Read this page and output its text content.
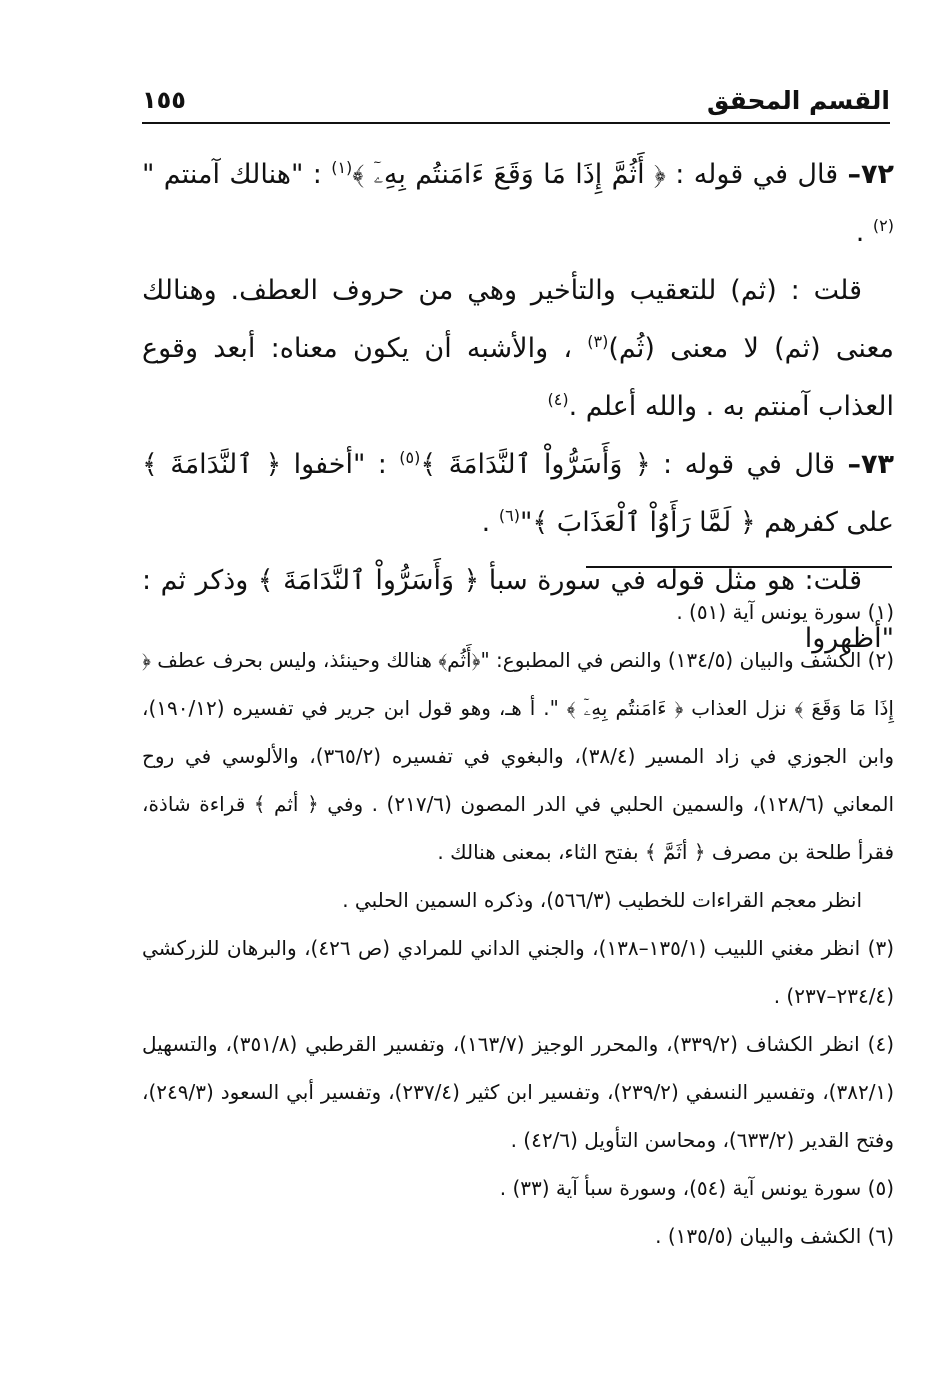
القسم المحقق
١٥٥

٧٢– قال في قوله : ﴿ أَثُمَّ إِذَا مَا وَقَعَ ءَامَنتُم بِهِۦٓ ﴾$^{(١)}$ : "هنالك آمنتم "$^{(٢)}$ .

قلت : (ثم) للتعقيب والتأخير وهي من حروف العطف. وهنالك معنى (ثم) لا معنى (ثُم)$^{(٣)}$ ، والأشبه أن يكون معناه: أبعد وقوع العذاب آمنتم به . والله أعلم .$^{(٤)}$

٧٣– قال في قوله : ﴿ وَأَسَرُّواْ ٱلنَّدَامَةَ ﴾$^{(٥)}$ : "أخفوا ﴿ ٱلنَّدَامَةَ ﴾ على كفرهم ﴿ لَمَّا رَأَوُاْ ٱلْعَذَابَ ﴾"$^{(٦)}$ .

قلت: هو مثل قوله في سورة سبأ ﴿ وَأَسَرُّواْ ٱلنَّدَامَةَ ﴾ وذكر ثم : "أظهروا

(١) سورة يونس آية (٥١) .

(٢) الكشف والبيان (١٣٤/٥) والنص في المطبوع: "﴿أَثُم﴾ هنالك وحينئذ، وليس بحرف عطف ﴿ إِذَا مَا وَقَعَ ﴾ نزل العذاب ﴿ ءَامَنتُم بِهِۦٓ ﴾ ". أ هـ، وهو قول ابن جرير في تفسيره (١٩٠/١٢)، وابن الجوزي في زاد المسير (٣٨/٤)، والبغوي في تفسيره (٣٦٥/٢)، والألوسي في روح المعاني (١٢٨/٦)، والسمين الحلبي في الدر المصون (٢١٧/٦) . وفي ﴿ أثم ﴾ قراءة شاذة، فقرأ طلحة بن مصرف ﴿ أثَمَّ ﴾ بفتح الثاء، بمعنى هنالك .

انظر معجم القراءات للخطيب (٥٦٦/٣)، وذكره السمين الحلبي .

(٣) انظر مغني اللبيب (١٣٥/١–١٣٨)، والجني الداني للمرادي (ص ٤٢٦)، والبرهان للزركشي (٢٣٤/٤–٢٣٧) .

(٤) انظر الكشاف (٣٣٩/٢)، والمحرر الوجيز (١٦٣/٧)، وتفسير القرطبي (٣٥١/٨)، والتسهيل (٣٨٢/١)، وتفسير النسفي (٢٣٩/٢)، وتفسير ابن كثير (٢٣٧/٤)، وتفسير أبي السعود (٢٤٩/٣)، وفتح القدير (٦٣٣/٢)، ومحاسن التأويل (٤٢/٦) .

(٥) سورة يونس آية (٥٤)، وسورة سبأ آية (٣٣) .

(٦) الكشف والبيان (١٣٥/٥) .
